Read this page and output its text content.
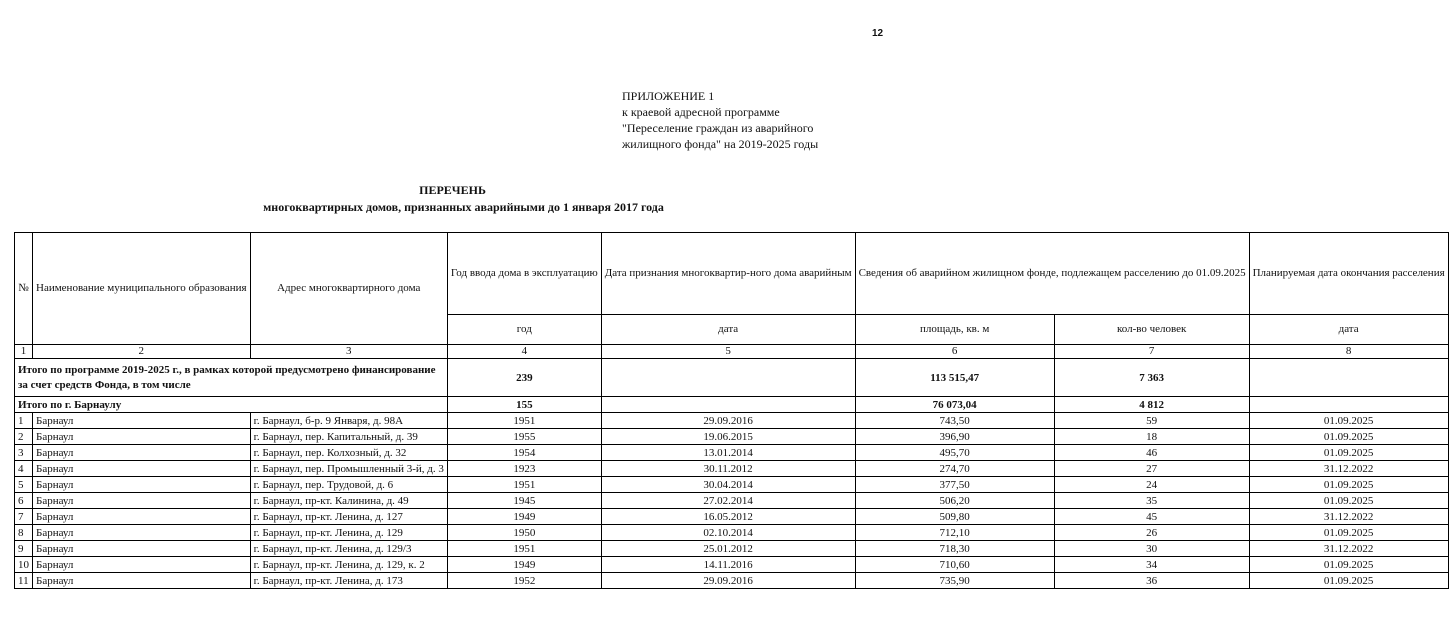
12
ПРИЛОЖЕНИЕ 1
к краевой адресной программе
"Переселение граждан из аварийного
жилищного фонда" на 2019-2025 годы
ПЕРЕЧЕНЬ
многоквартирных домов, признанных аварийными до 1 января 2017 года
№	Наименование муниципального образования	Адрес многоквартирного дома	Год ввода дома в эксплуатацию	Дата признания многоквартир-ного дома аварийным	Сведения об аварийном жилищном фонде, подлежащем расселению до 01.09.2025		Планируемая дата окончания расселения
			год	дата	площадь, кв. м	кол-во человек	дата
1	2	3	4	5	6	7	8
Итого по программе 2019-2025 г., в рамках которой предусмотрено финансирование за счет средств Фонда, в том числе			239		113 515,47	7 363	
Итого по г. Барнаулу			155		76 073,04	4 812	
1	Барнаул	г. Барнаул, б-р. 9 Января, д. 98А	1951	29.09.2016	743,50	59	01.09.2025
2	Барнаул	г. Барнаул, пер. Капитальный, д. 39	1955	19.06.2015	396,90	18	01.09.2025
3	Барнаул	г. Барнаул, пер. Колхозный, д. 32	1954	13.01.2014	495,70	46	01.09.2025
4	Барнаул	г. Барнаул, пер. Промышленный 3-й, д. 3	1923	30.11.2012	274,70	27	31.12.2022
5	Барнаул	г. Барнаул, пер. Трудовой, д. 6	1951	30.04.2014	377,50	24	01.09.2025
6	Барнаул	г. Барнаул, пр-кт. Калинина, д. 49	1945	27.02.2014	506,20	35	01.09.2025
7	Барнаул	г. Барнаул, пр-кт. Ленина, д. 127	1949	16.05.2012	509,80	45	31.12.2022
8	Барнаул	г. Барнаул, пр-кт. Ленина, д. 129	1950	02.10.2014	712,10	26	01.09.2025
9	Барнаул	г. Барнаул, пр-кт. Ленина, д. 129/3	1951	25.01.2012	718,30	30	31.12.2022
10	Барнаул	г. Барнаул, пр-кт. Ленина, д. 129, к. 2	1949	14.11.2016	710,60	34	01.09.2025
11	Барнаул	г. Барнаул, пр-кт. Ленина, д. 173	1952	29.09.2016	735,90	36	01.09.2025
